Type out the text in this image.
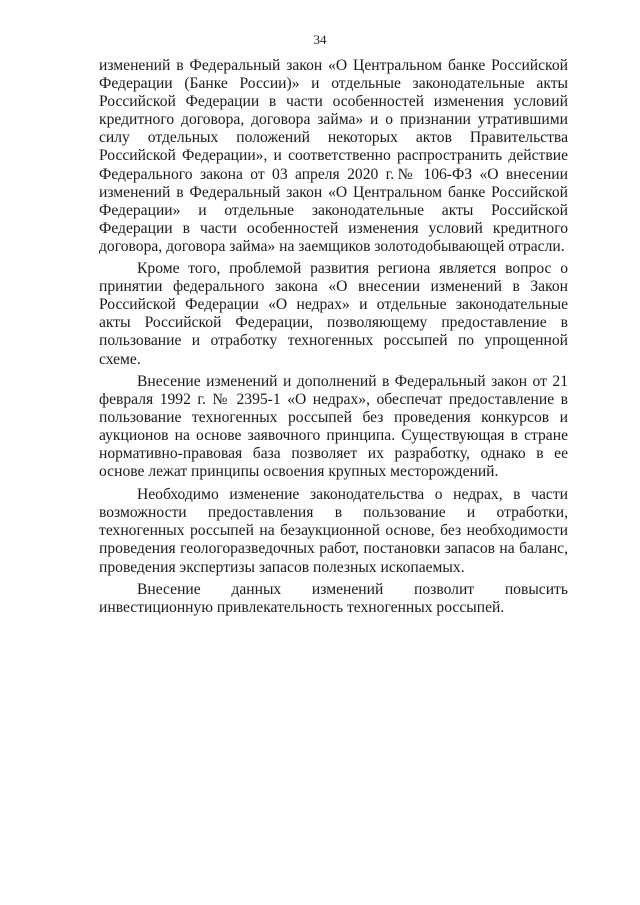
34

изменений в Федеральный закон «О Центральном банке Российской Федерации (Банке России)» и отдельные законодательные акты Российской Федерации в части особенностей изменения условий кредитного договора, договора займа» и о признании утратившими силу отдельных положений некоторых актов Правительства Российской Федерации», и соответственно распространить действие Федерального закона от 03 апреля 2020 г.№ 106-ФЗ «О внесении изменений в Федеральный закон «О Центральном банке Российской Федерации» и отдельные законодательные акты Российской Федерации в части особенностей изменения условий кредитного договора, договора займа» на заемщиков золотодобывающей отрасли.

Кроме того, проблемой развития региона является вопрос о принятии федерального закона «О внесении изменений в Закон Российской Федерации «О недрах» и отдельные законодательные акты Российской Федерации, позволяющему предоставление в пользование и отработку техногенных россыпей по упрощенной схеме.

Внесение изменений и дополнений в Федеральный закон от 21 февраля 1992 г. № 2395-1 «О недрах», обеспечат предоставление в пользование техногенных россыпей без проведения конкурсов и аукционов на основе заявочного принципа. Существующая в стране нормативно-правовая база позволяет их разработку, однако в ее основе лежат принципы освоения крупных месторождений.

Необходимо изменение законодательства о недрах, в части возможности предоставления в пользование и отработки, техногенных россыпей на безаукционной основе, без необходимости проведения геологоразведочных работ, постановки запасов на баланс, проведения экспертизы запасов полезных ископаемых.

Внесение данных изменений позволит повысить инвестиционную привлекательность техногенных россыпей.
